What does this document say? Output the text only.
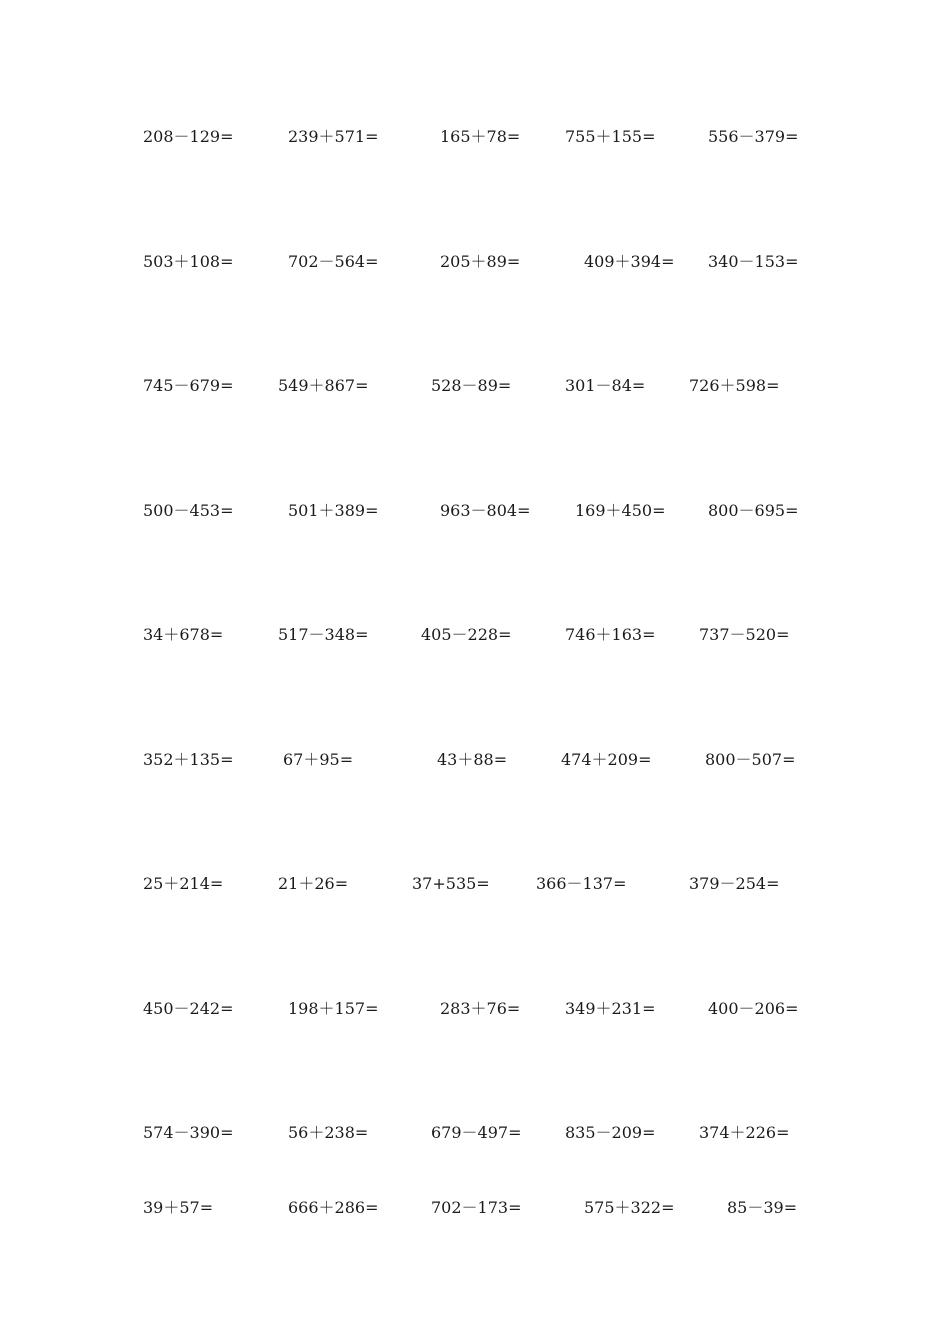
208－129=	239＋571=	165＋78=	755＋155=	556－379=
503＋108=	702－564=	205＋89=	409＋394= 340－153=
745－679=	549＋867=	528－89=	301－84=	726＋598=
500－453=	501＋389=	963－804=	169＋450=	800－695=
34＋678=	517－348=	405－228=	746＋163=	737－520=
352＋135=	67＋95=	43＋88=	474＋209=	800－507=
25＋214=	21＋26=	37+535=	366－137=	379－254=
450－242=	198＋157=	283＋76=	349＋231=	400－206=
574－390=	56＋238=	679－497=	835－209=	374＋226=
39＋57=	666＋286=	702－173=	575＋322=	85－39=
